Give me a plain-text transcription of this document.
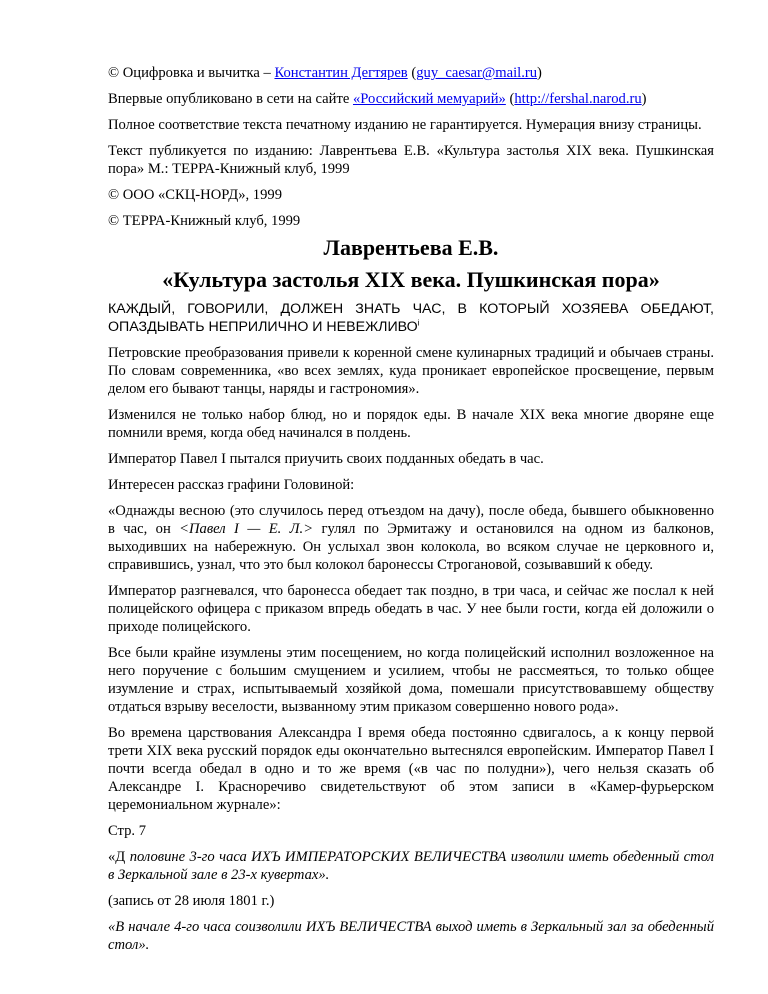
© Оцифровка и вычитка – Константин Дегтярев (guy_caesar@mail.ru)

Впервые опубликовано в сети на сайте «Российский мемуарий» (http://fershal.narod.ru)

Полное соответствие текста печатному изданию не гарантируется. Нумерация внизу страницы.

Текст публикуется по изданию: Лаврентьева Е.В. «Культура застолья XIX века. Пушкинская пора» М.: ТЕРРА-Книжный клуб, 1999

© ООО «СКЦ-НОРД», 1999

© ТЕРРА-Книжный клуб, 1999

Лаврентьева Е.В.
«Культура застолья XIX века. Пушкинская пора»
КАЖДЫЙ, ГОВОРИЛИ, ДОЛЖЕН ЗНАТЬ ЧАС, В КОТОРЫЙ ХОЗЯЕВА ОБЕДАЮТ, ОПАЗДЫВАТЬ НЕПРИЛИЧНО И НЕВЕЖЛИВО$^i$

Петровские преобразования привели к коренной смене кулинарных традиций и обычаев страны. По словам современника, «во всех землях, куда проникает европейское просвещение, первым делом его бывают танцы, наряды и гастрономия».

Изменился не только набор блюд, но и порядок еды. В начале XIX века многие дворяне еще помнили время, когда обед начинался в полдень.

Император Павел I пытался приучить своих подданных обедать в час.

Интересен рассказ графини Головиной:

«Однажды весною (это случилось перед отъездом на дачу), после обеда, бывшего обыкновенно в час, он <Павел I — Е. Л.> гулял по Эрмитажу и остановился на одном из балконов, выходивших на набережную. Он услыхал звон колокола, во всяком случае не церковного и, справившись, узнал, что это был колокол баронессы Строгановой, созывавший к обеду.

Император разгневался, что баронесса обедает так поздно, в три часа, и сейчас же послал к ней полицейского офицера с приказом впредь обедать в час. У нее были гости, когда ей доложили о приходе полицейского.

Все были крайне изумлены этим посещением, но когда полицейский исполнил возложенное на него поручение с большим смущением и усилием, чтобы не рассмеяться, то только общее изумление и страх, испытываемый хозяйкой дома, помешали присутствовавшему обществу отдаться взрыву веселости, вызванному этим приказом совершенно нового рода».

Во времена царствования Александра I время обеда постоянно сдвигалось, а к концу первой трети XIX века русский порядок еды окончательно вытеснялся европейским. Император Павел I почти всегда обедал в одно и то же время («в час по полудни»), чего нельзя сказать об Александре I. Красноречиво свидетельствуют об этом записи в «Камер-фурьерском церемониальном журнале»:

Стр. 7

«Д половине 3-го часа ИХЪ ИМПЕРАТОРСКИХ ВЕЛИЧЕСТВА изволили иметь обеденный стол в Зеркальной зале в 23-х кувертах».

(запись от 28 июля 1801 г.)

«В начале 4-го часа соизволили ИХЪ ВЕЛИЧЕСТВА выход иметь в Зеркальный зал за обеденный стол».
